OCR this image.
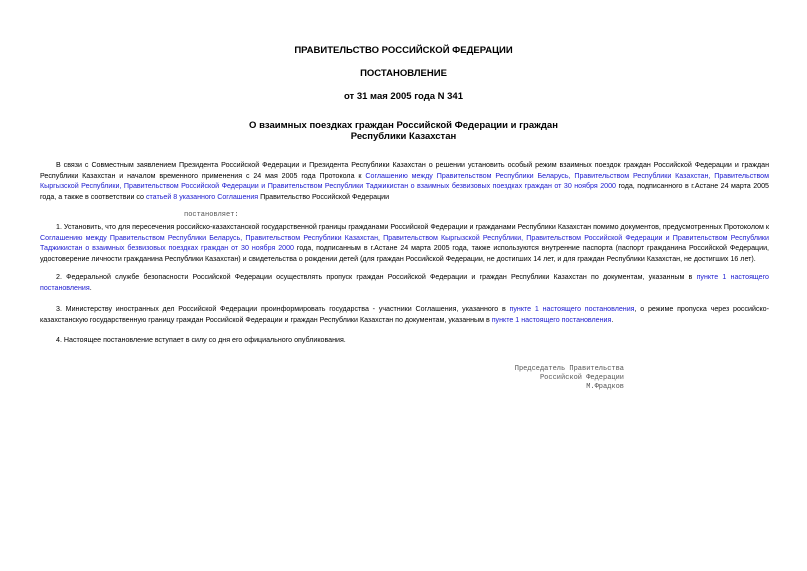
ПРАВИТЕЛЬСТВО РОССИЙСКОЙ ФЕДЕРАЦИИ
ПОСТАНОВЛЕНИЕ
от 31 мая 2005 года N 341
О взаимных поездках граждан Российской Федерации и граждан
Республики Казахстан
В связи с Совместным заявлением Президента Российской Федерации и Президента Республики Казахстан о решении установить особый режим взаимных поездок граждан Российской Федерации и граждан Республики Казахстан и началом временного применения с 24 мая 2005 года Протокола к Соглашению между Правительством Республики Беларусь, Правительством Республики Казахстан, Правительством Кыргызской Республики, Правительством Российской Федерации и Правительством Республики Таджикистан о взаимных безвизовых поездках граждан от 30 ноября 2000 года, подписанного в г.Астане 24 марта 2005 года, а также в соответствии со статьей 8 указанного Соглашения Правительство Российской Федерации
постановляет:
1. Установить, что для пересечения российско-казахстанской государственной границы гражданами Российской Федерации и гражданами Республики Казахстан помимо документов, предусмотренных Протоколом к Соглашению между Правительством Республики Беларусь, Правительством Республики Казахстан, Правительством Кыргызской Республики, Правительством Российской Федерации и Правительством Республики Таджикистан о взаимных безвизовых поездках граждан от 30 ноября 2000 года, подписанным в г.Астане 24 марта 2005 года, также используются внутренние паспорта (паспорт гражданина Российской Федерации, удостоверение личности гражданина Республики Казахстан) и свидетельства о рождении детей (для граждан Российской Федерации, не достигших 14 лет, и для граждан Республики Казахстан, не достигших 16 лет).
2. Федеральной службе безопасности Российской Федерации осуществлять пропуск граждан Российской Федерации и граждан Республики Казахстан по документам, указанным в пункте 1 настоящего постановления.
3. Министерству иностранных дел Российской Федерации проинформировать государства - участники Соглашения, указанного в пункте 1 настоящего постановления, о режиме пропуска через российско-казахстанскую государственную границу граждан Российской Федерации и граждан Республики Казахстан по документам, указанным в пункте 1 настоящего постановления.
4. Настоящее постановление вступает в силу со дня его официального опубликования.
Председатель Правительства
Российской Федерации
М.Фрадков
